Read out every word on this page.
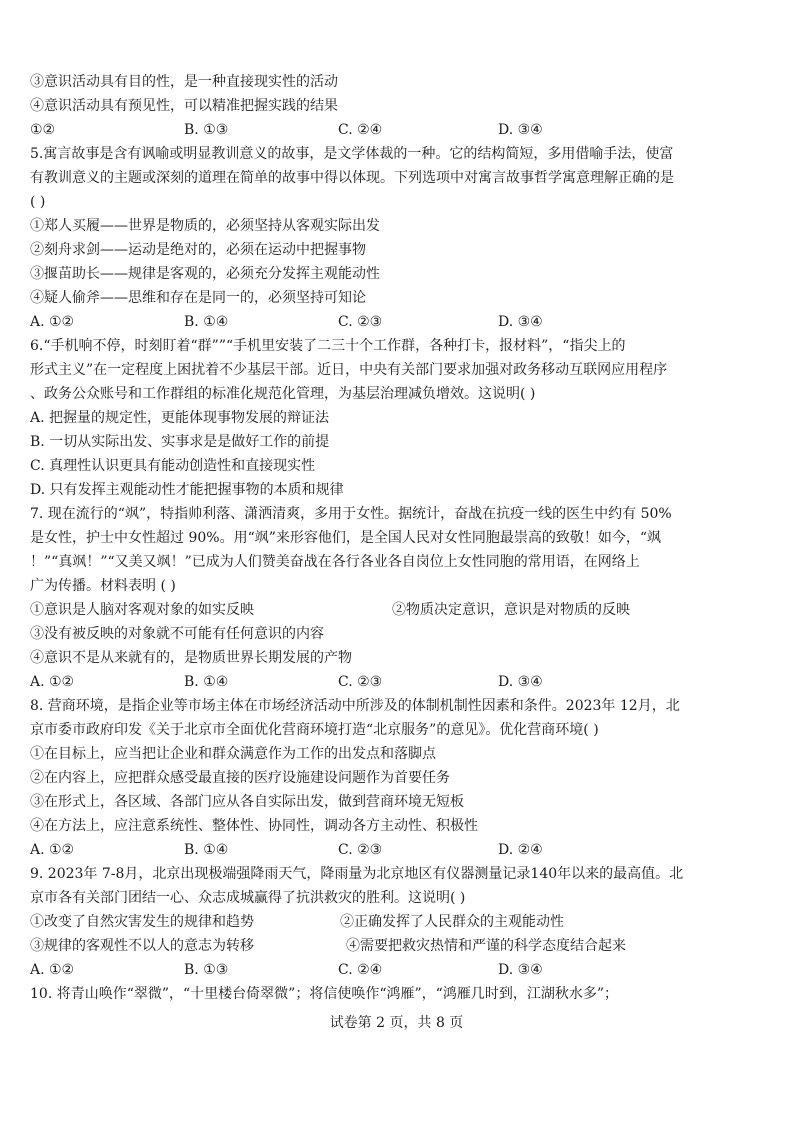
③意识活动具有目的性，是一种直接现实性的活动
④意识活动具有预见性，可以精准把握实践的结果
①②	B. ①③	C. ②④	D. ③④
5.寓言故事是含有讽喻或明显教训意义的故事，是文学体裁的一种。它的结构简短，多用借喻手法，使富
有教训意义的主题或深刻的道理在简单的故事中得以体现。下列选项中对寓言故事哲学寓意理解正确的是
( )
①郑人买履——世界是物质的，必须坚持从客观实际出发
②刻舟求剑——运动是绝对的，必须在运动中把握事物
③揠苗助长——规律是客观的，必须充分发挥主观能动性
④疑人偷斧——思维和存在是同一的，必须坚持可知论
A. ①②	B. ①④	C. ②③	D. ③④
6.“手机响不停，时刻盯着“群””“手机里安装了二三十个工作群，各种打卡，报材料”，“指尖上的
形式主义”在一定程度上困扰着不少基层干部。近日，中央有关部门要求加强对政务移动互联网应用程序
、政务公众账号和工作群组的标准化规范化管理，为基层治理减负增效。这说明( )
A. 把握量的规定性，更能体现事物发展的辩证法
B. 一切从实际出发、实事求是是做好工作的前提
C. 真理性认识更具有能动创造性和直接现实性
D. 只有发挥主观能动性才能把握事物的本质和规律
7. 现在流行的“飒”，特指帅利落、潇洒清爽，多用于女性。据统计，奋战在抗疫一线的医生中约有 50%
是女性，护士中女性超过 90%。用“飒”来形容他们，是全国人民对女性同胞最崇高的致敬！如今，“飒
！”“真飒！”“又美又飒！”已成为人们赞美奋战在各行各业各自岗位上女性同胞的常用语，在网络上
广为传播。材料表明 ( )
①意识是人脑对客观对象的如实反映	②物质决定意识，意识是对物质的反映
③没有被反映的对象就不可能有任何意识的内容
④意识不是从来就有的，是物质世界长期发展的产物
A. ①②	B. ①④	C. ②③	D. ③④
8. 营商环境，是指企业等市场主体在市场经济活动中所涉及的体制机制性因素和条件。2023年 12月，北
京市委市政府印发《关于北京市全面优化营商环境打造“北京服务”的意见》。优化营商环境( )
①在目标上，应当把让企业和群众满意作为工作的出发点和落脚点
②在内容上，应把群众感受最直接的医疗设施建设问题作为首要任务
③在形式上，各区域、各部门应从各自实际出发，做到营商环境无短板
④在方法上，应注意系统性、整体性、协同性，调动各方主动性、积极性
A. ①②	B. ①④	C. ②③	D. ②④
9. 2023年 7-8月，北京出现极端强降雨天气，降雨量为北京地区有仪器测量记录140年以来的最高值。北
京市各有关部门团结一心、众志成城赢得了抗洪救灾的胜利。这说明( )
①改变了自然灾害发生的规律和趋势	②正确发挥了人民群众的主观能动性
③规律的客观性不以人的意志为转移	④需要把救灾热情和严谨的科学态度结合起来
A. ①②	B. ①③	C. ②④	D. ③④
10. 将青山唤作“翠微”，“十里楼台倚翠微”；将信使唤作“鸿雁”，“鸿雁几时到，江湖秋水多”；
试卷第 2 页，共 8 页
